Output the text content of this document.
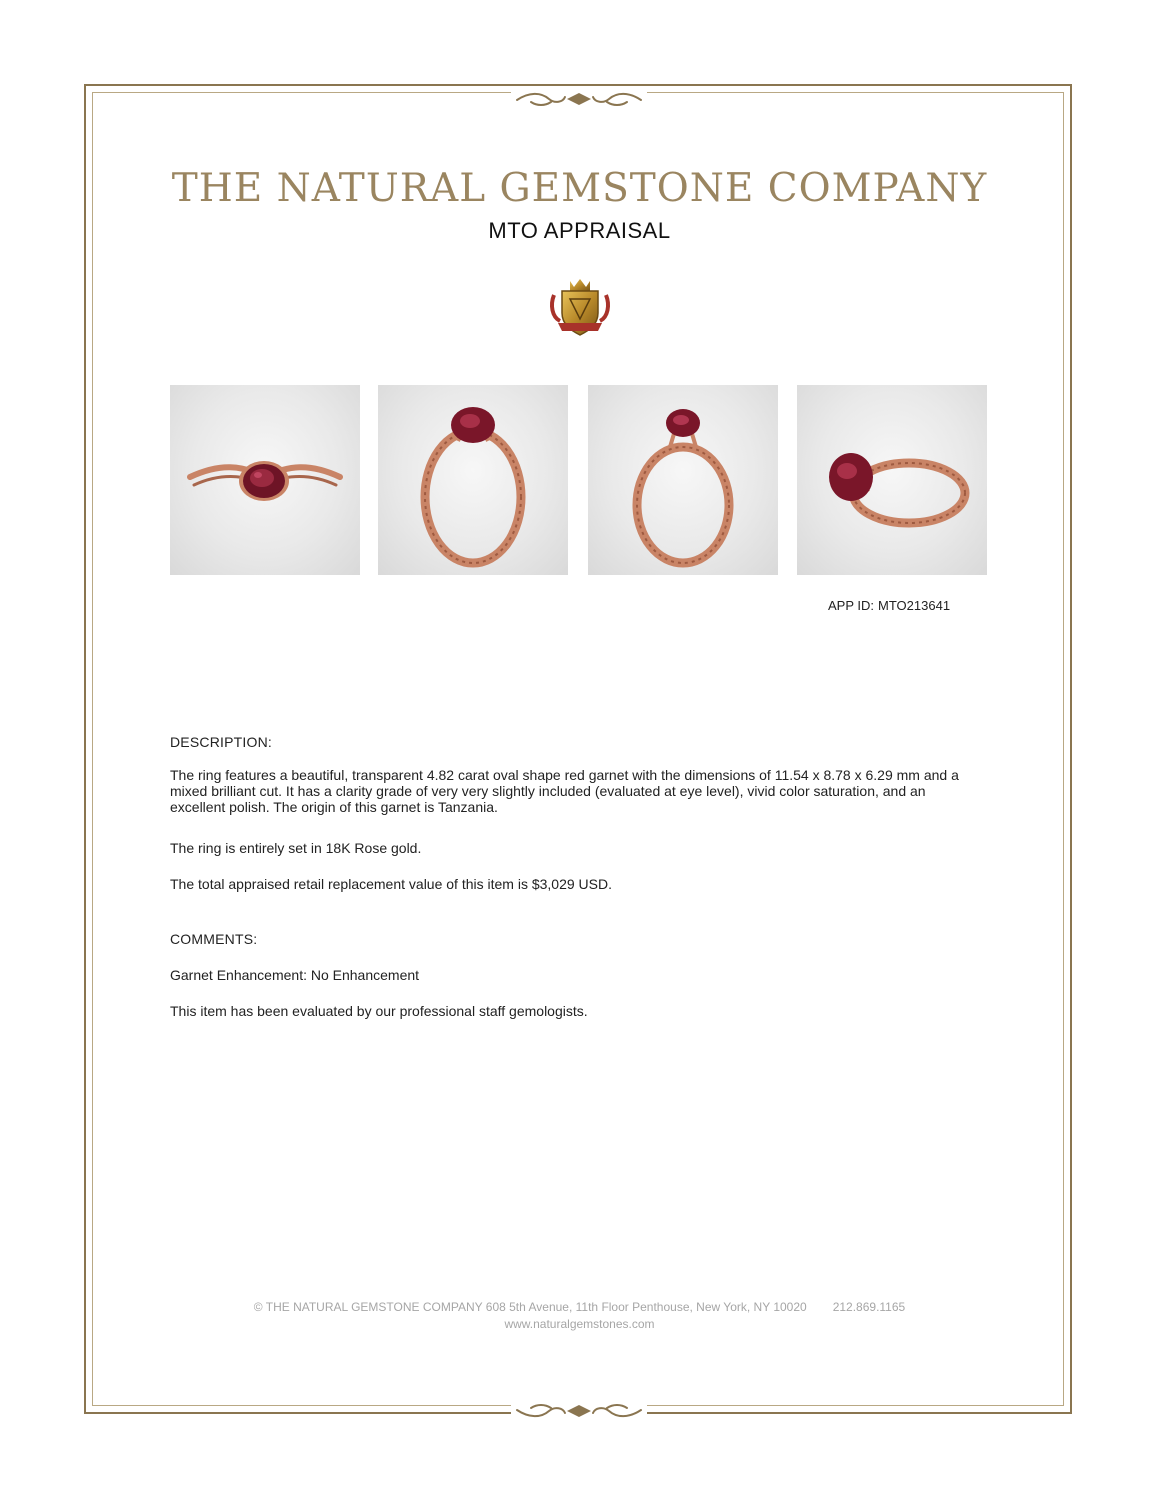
THE NATURAL GEMSTONE COMPANY
MTO APPRAISAL
APP ID: MTO213641
DESCRIPTION:
The ring features a beautiful, transparent 4.82 carat oval shape red garnet with the dimensions of 11.54 x 8.78 x 6.29 mm and a mixed brilliant cut. It has a clarity grade of very very slightly included (evaluated at eye level), vivid color saturation, and an excellent polish. The origin of this garnet is Tanzania.
The ring is entirely set in 18K Rose gold.
The total appraised retail replacement value of this item is $3,029 USD.
COMMENTS:
Garnet Enhancement: No Enhancement
This item has been evaluated by our professional staff gemologists.
© THE NATURAL GEMSTONE COMPANY 608 5th Avenue, 11th Floor Penthouse, New York, NY 10020 212.869.1165
www.naturalgemstones.com
